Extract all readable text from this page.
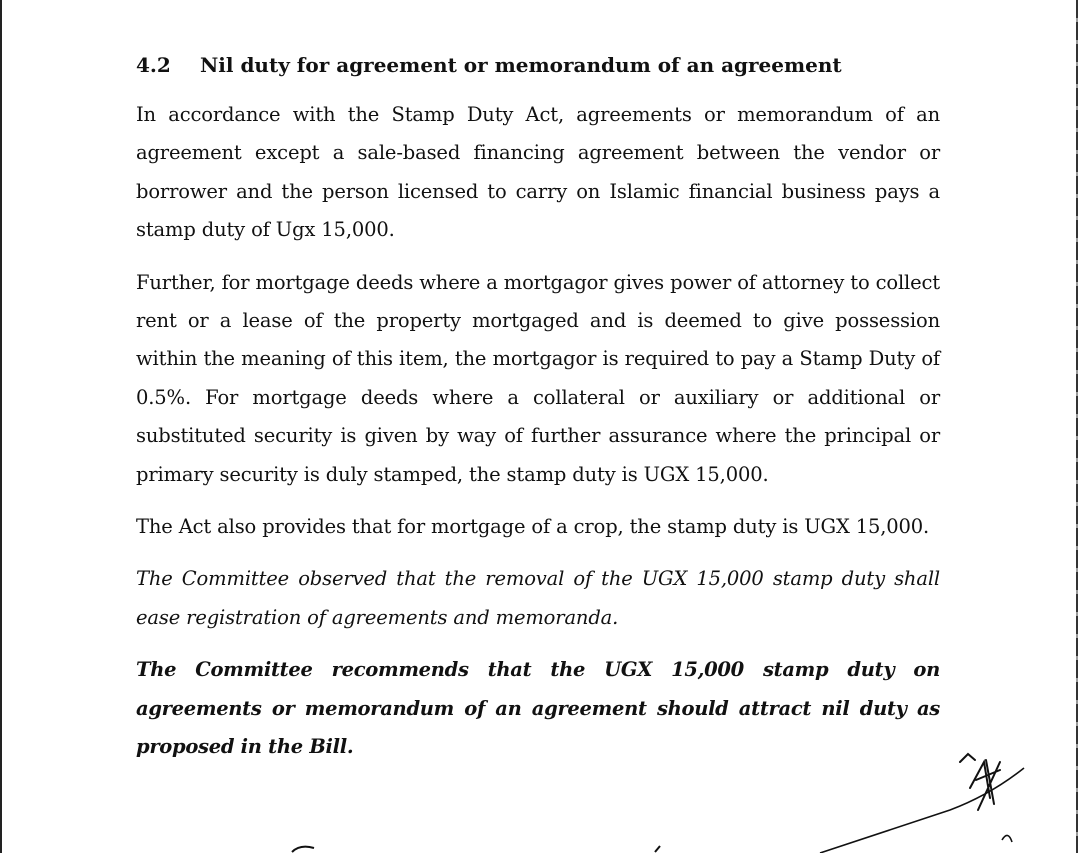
4.2 Nil duty for agreement or memorandum of an agreement

In accordance with the Stamp Duty Act, agreements or memorandum of an agreement except a sale-based financing agreement between the vendor or borrower and the person licensed to carry on Islamic financial business pays a stamp duty of Ugx 15,000.

Further, for mortgage deeds where a mortgagor gives power of attorney to collect rent or a lease of the property mortgaged and is deemed to give possession within the meaning of this item, the mortgagor is required to pay a Stamp Duty of 0.5%. For mortgage deeds where a collateral or auxiliary or additional or substituted security is given by way of further assurance where the principal or primary security is duly stamped, the stamp duty is UGX 15,000.

The Act also provides that for mortgage of a crop, the stamp duty is UGX 15,000.

The Committee observed that the removal of the UGX 15,000 stamp duty shall ease registration of agreements and memoranda.

The Committee recommends that the UGX 15,000 stamp duty on agreements or memorandum of an agreement should attract nil duty as proposed in the Bill.
